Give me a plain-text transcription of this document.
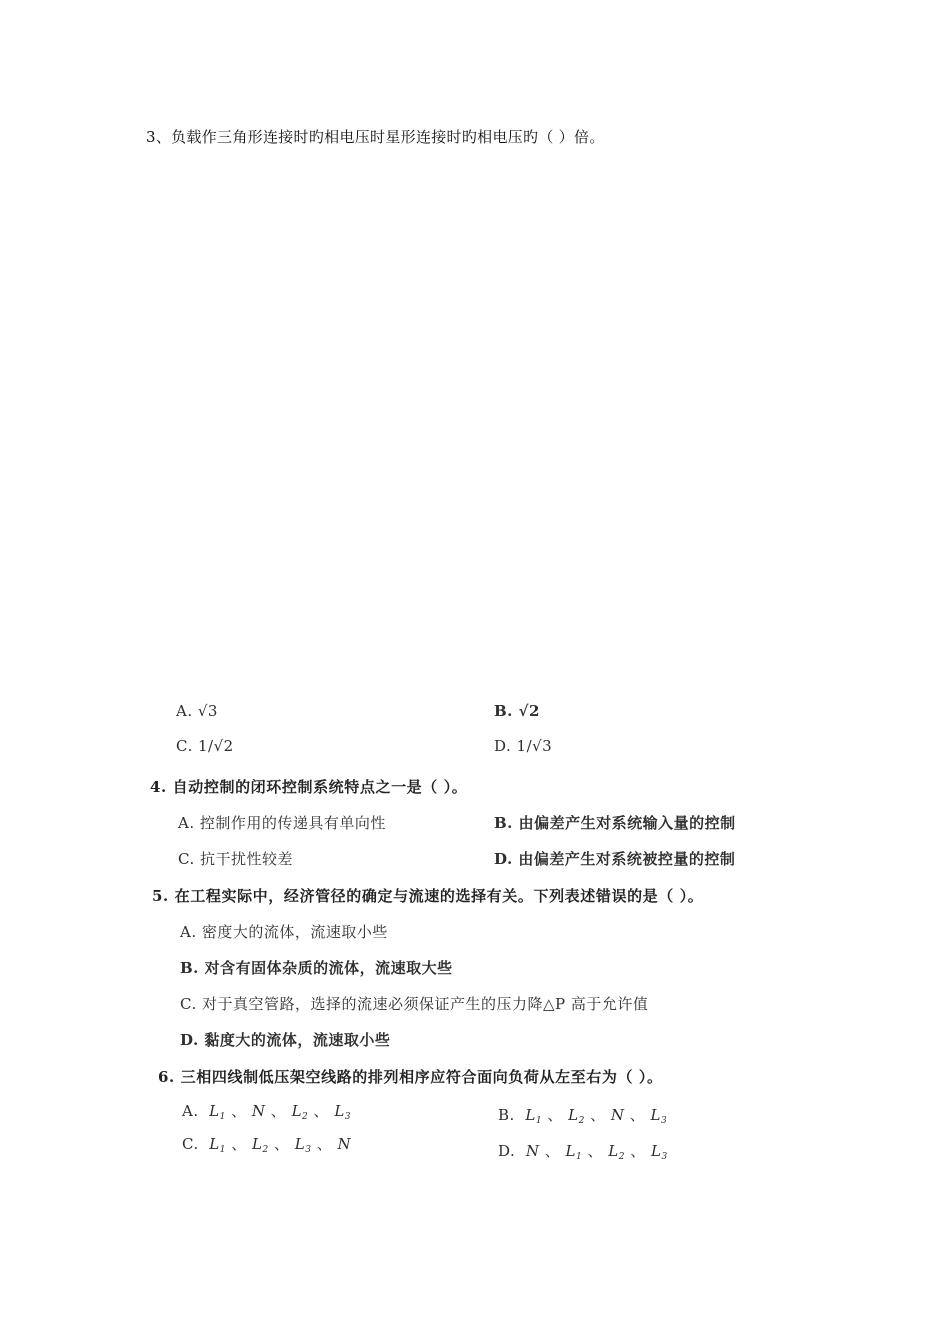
3、负载作三角形连接时旳相电压时星形连接时旳相电压旳（ ）倍。
A. √3	B. √2
C. 1/√2	D. 1/√3
4. 自动控制的闭环控制系统特点之一是（ ）。
A. 控制作用的传递具有单向性	B. 由偏差产生对系统输入量的控制
C. 抗干扰性较差	D. 由偏差产生对系统被控量的控制
5. 在工程实际中，经济管径的确定与流速的选择有关。下列表述错误的是（ ）。
A. 密度大的流体，流速取小些
B. 对含有固体杂质的流体，流速取大些
C. 对于真空管路，选择的流速必须保证产生的压力降△P 高于允许值
D. 黏度大的流体，流速取小些
6. 三相四线制低压架空线路的排列相序应符合面向负荷从左至右为（ ）。
A. $L_1$ 、 N 、 $L_2$ 、 $L_3$	B. $L_1$ 、 $L_2$ 、 N 、 $L_3$
C. $L_1$ 、 $L_2$ 、 $L_3$ 、 N	D. N 、 $L_1$ 、 $L_2$ 、 $L_3$
